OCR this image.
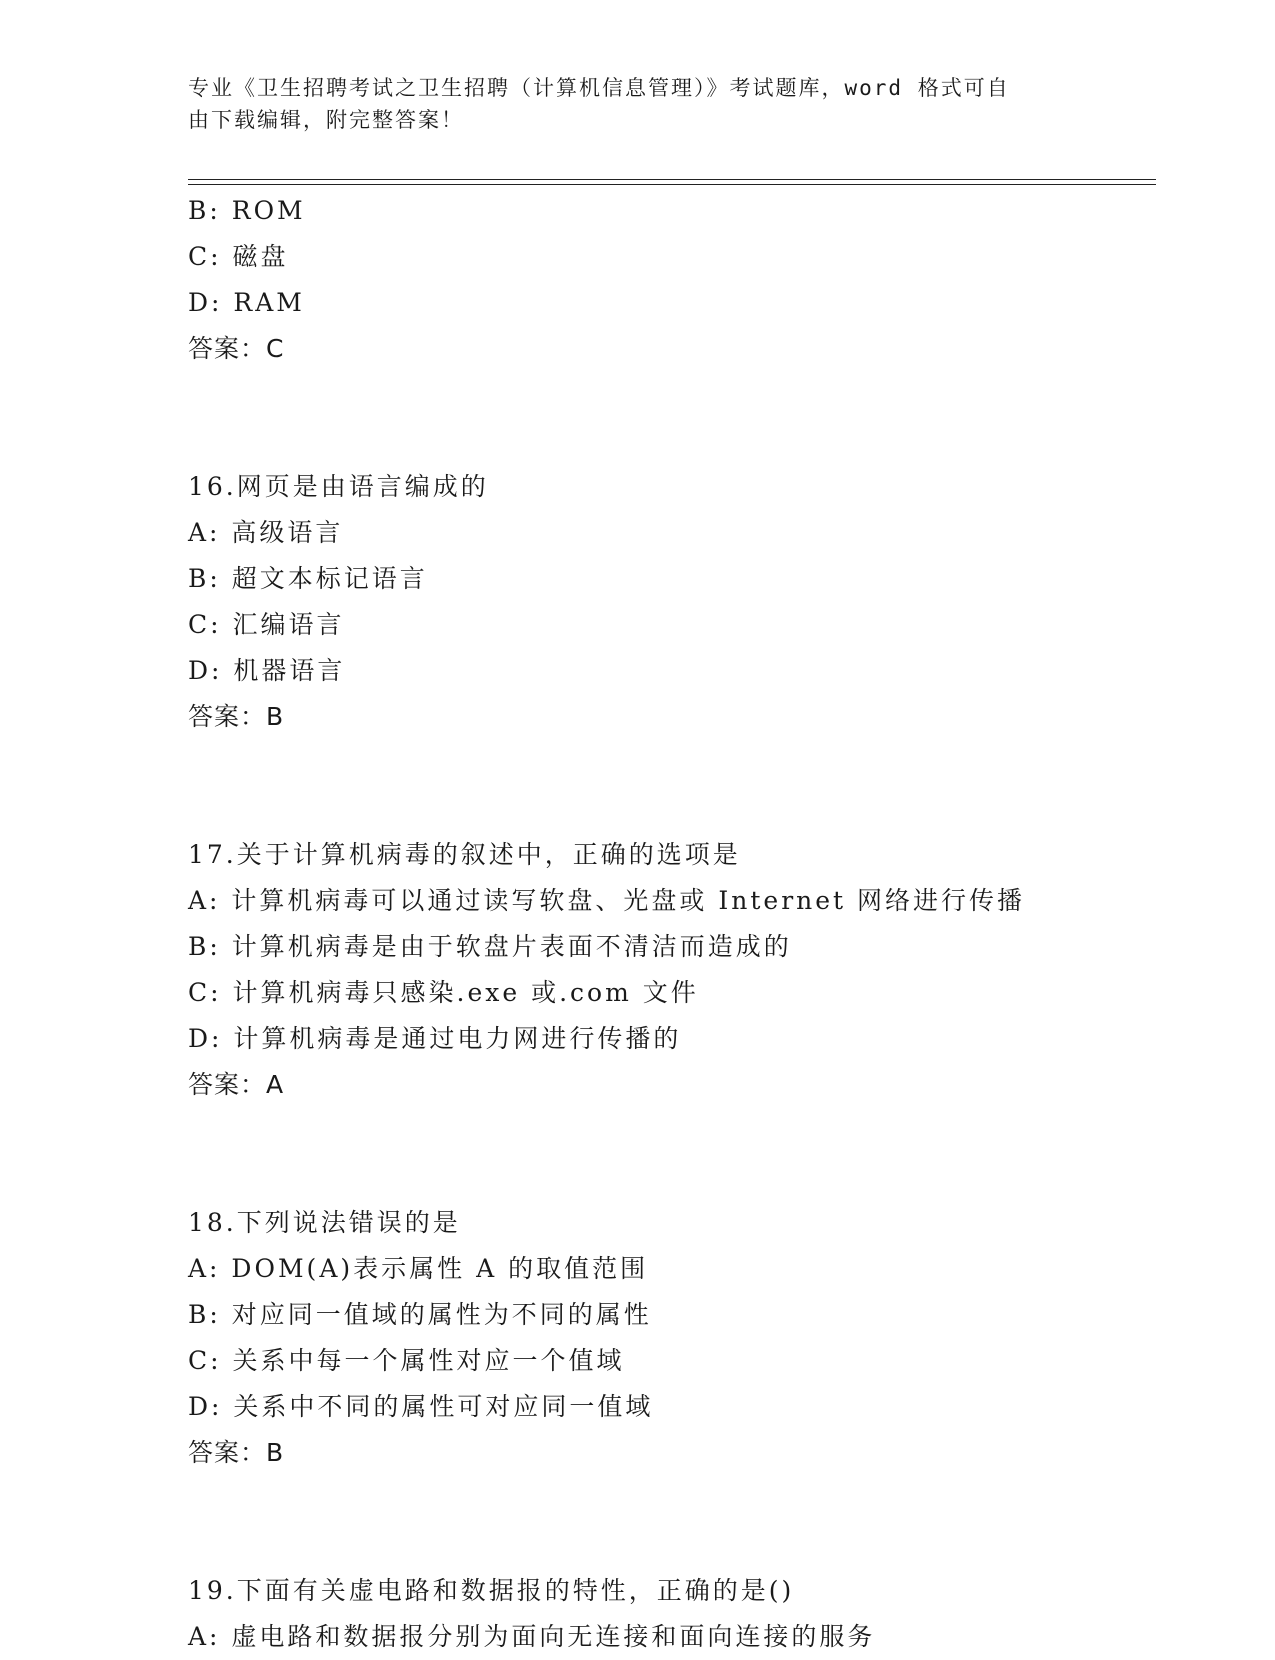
专业《卫生招聘考试之卫生招聘（计算机信息管理）》考试题库，word 格式可自
由下载编辑，附完整答案！
B: ROM
C: 磁盘
D: RAM
答案：C
16.网页是由语言编成的
A: 高级语言
B: 超文本标记语言
C: 汇编语言
D: 机器语言
答案：B
17.关于计算机病毒的叙述中，正确的选项是
A: 计算机病毒可以通过读写软盘、光盘或 Internet 网络进行传播
B: 计算机病毒是由于软盘片表面不清洁而造成的
C: 计算机病毒只感染.exe 或.com 文件
D: 计算机病毒是通过电力网进行传播的
答案：A
18.下列说法错误的是
A: DOM(A)表示属性 A 的取值范围
B: 对应同一值域的属性为不同的属性
C: 关系中每一个属性对应一个值域
D: 关系中不同的属性可对应同一值域
答案：B
19.下面有关虚电路和数据报的特性，正确的是()
A: 虚电路和数据报分别为面向无连接和面向连接的服务
